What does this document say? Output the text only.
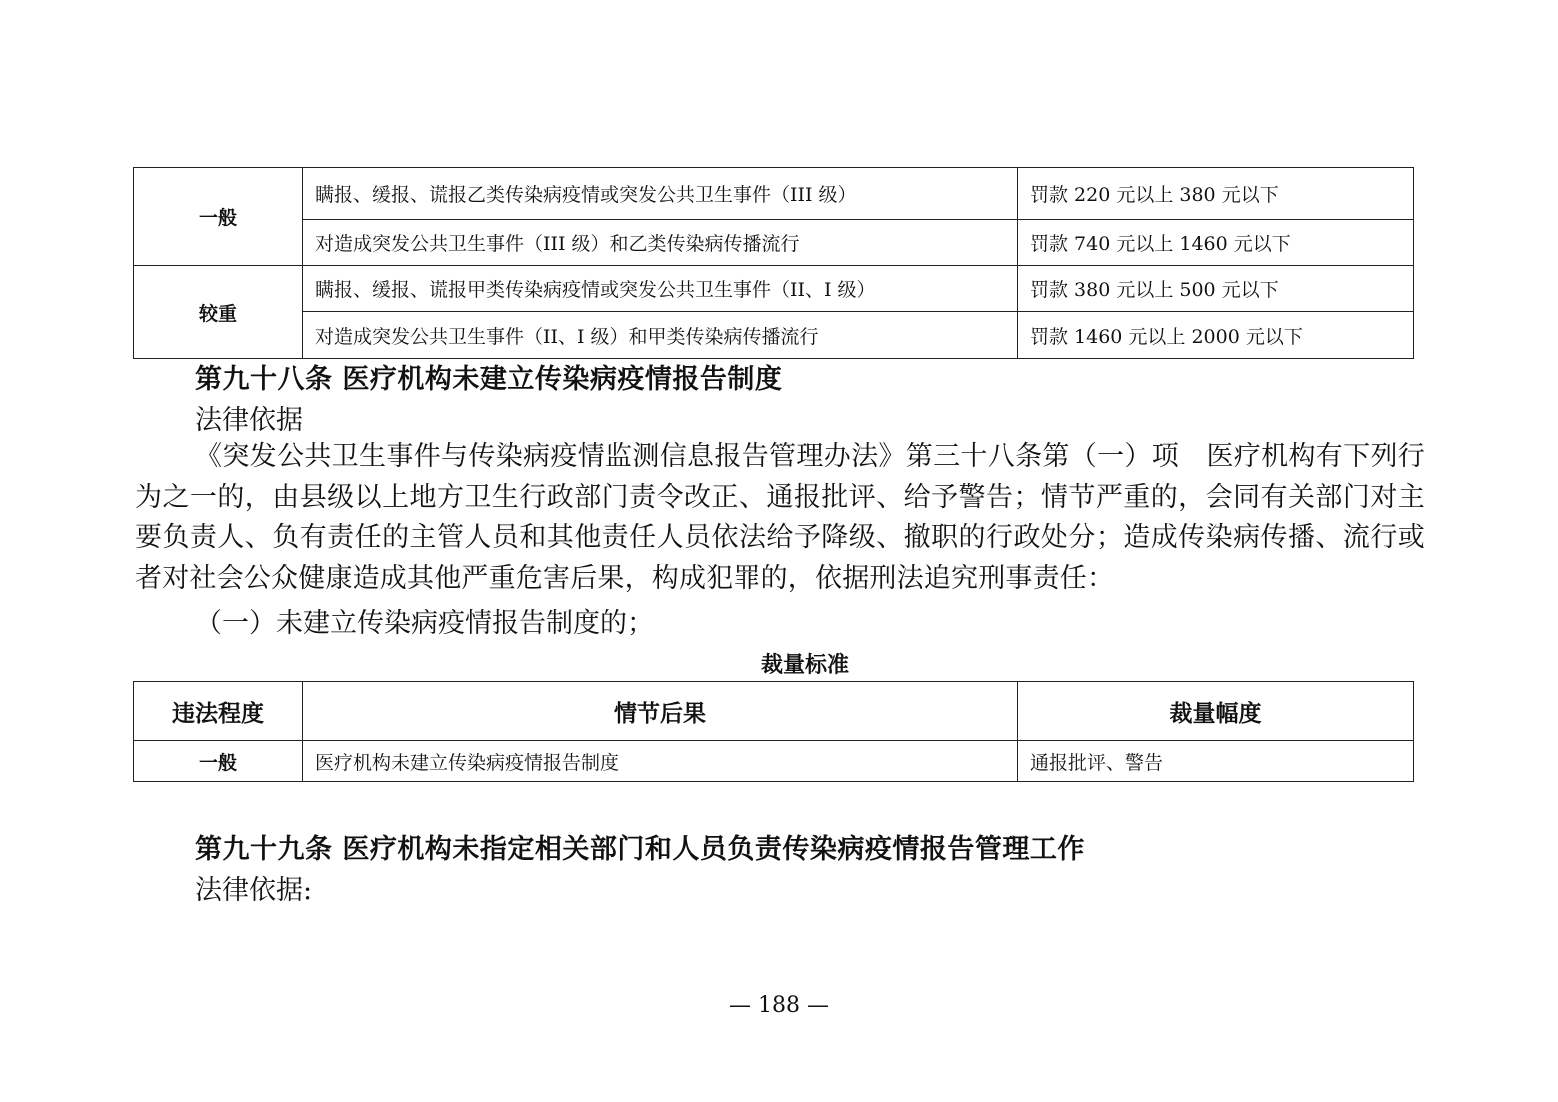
一般	瞒报、缓报、谎报乙类传染病疫情或突发公共卫生事件（III 级）	罚款 220 元以上 380 元以下
	对造成突发公共卫生事件（III 级）和乙类传染病传播流行	罚款 740 元以上 1460 元以下
较重	瞒报、缓报、谎报甲类传染病疫情或突发公共卫生事件（II、I 级）	罚款 380 元以上 500 元以下
	对造成突发公共卫生事件（II、I 级）和甲类传染病传播流行	罚款 1460 元以上 2000 元以下
第九十八条 医疗机构未建立传染病疫情报告制度
法律依据

《突发公共卫生事件与传染病疫情监测信息报告管理办法》第三十八条第（一）项　医疗机构有下列行为之一的，由县级以上地方卫生行政部门责令改正、通报批评、给予警告；情节严重的，会同有关部门对主要负责人、负有责任的主管人员和其他责任人员依法给予降级、撤职的行政处分；造成传染病传播、流行或者对社会公众健康造成其他严重危害后果，构成犯罪的，依据刑法追究刑事责任：

（一）未建立传染病疫情报告制度的；
裁量标准
违法程度	情节后果	裁量幅度
一般	医疗机构未建立传染病疫情报告制度	通报批评、警告
第九十九条 医疗机构未指定相关部门和人员负责传染病疫情报告管理工作
法律依据:
— 188 —
